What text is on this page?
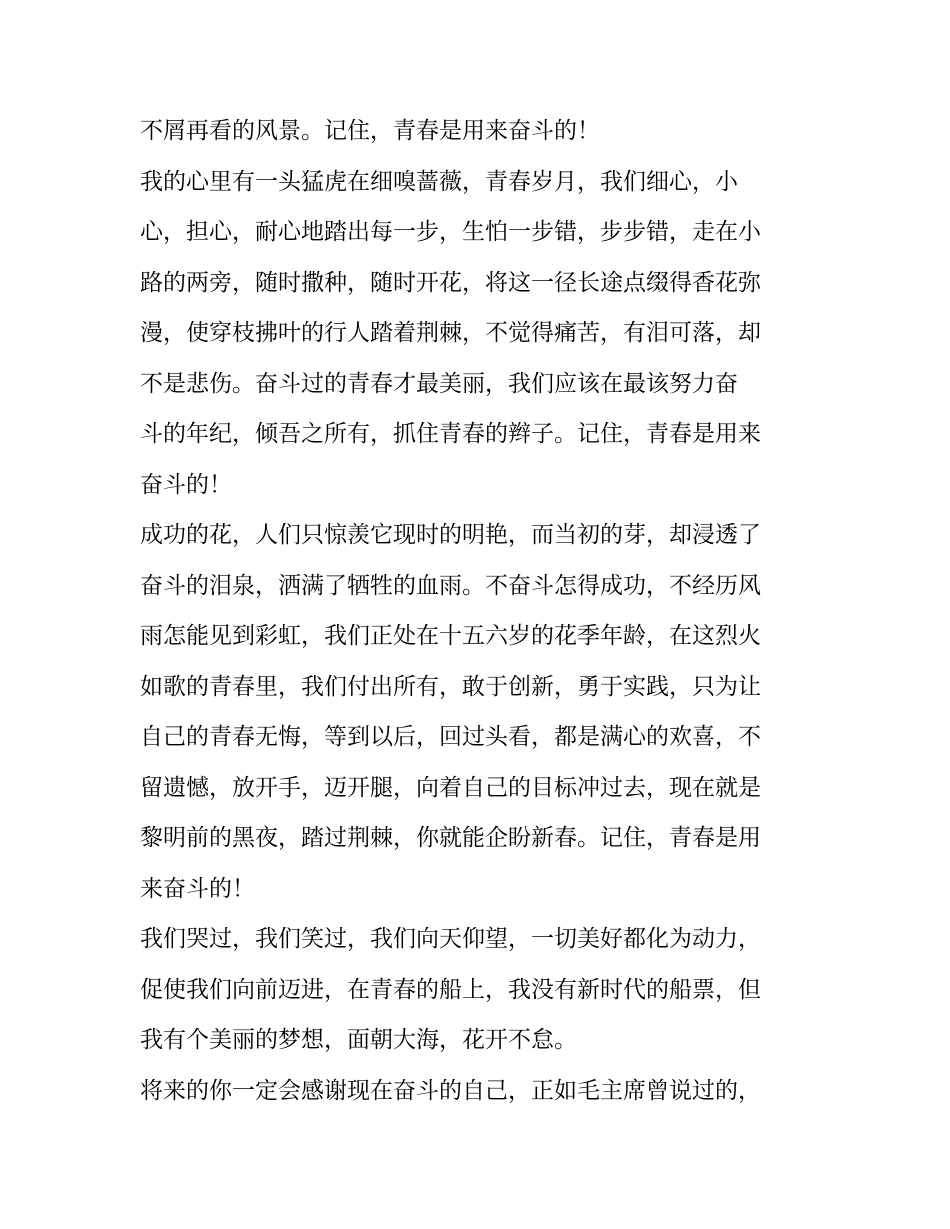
不屑再看的风景。记住，青春是用来奋斗的！
我的心里有一头猛虎在细嗅蔷薇，青春岁月，我们细心，小
心，担心，耐心地踏出每一步，生怕一步错，步步错，走在小
路的两旁，随时撒种，随时开花，将这一径长途点缀得香花弥
漫，使穿枝拂叶的行人踏着荆棘，不觉得痛苦，有泪可落，却
不是悲伤。奋斗过的青春才最美丽，我们应该在最该努力奋
斗的年纪，倾吾之所有，抓住青春的辫子。记住，青春是用来
奋斗的！
成功的花，人们只惊羡它现时的明艳，而当初的芽，却浸透了
奋斗的泪泉，洒满了牺牲的血雨。不奋斗怎得成功，不经历风
雨怎能见到彩虹，我们正处在十五六岁的花季年龄，在这烈火
如歌的青春里，我们付出所有，敢于创新，勇于实践，只为让
自己的青春无悔，等到以后，回过头看，都是满心的欢喜，不
留遗憾，放开手，迈开腿，向着自己的目标冲过去，现在就是
黎明前的黑夜，踏过荆棘，你就能企盼新春。记住，青春是用
来奋斗的！
我们哭过，我们笑过，我们向天仰望，一切美好都化为动力，
促使我们向前迈进，在青春的船上，我没有新时代的船票，但
我有个美丽的梦想，面朝大海，花开不怠。
将来的你一定会感谢现在奋斗的自己，正如毛主席曾说过的，
